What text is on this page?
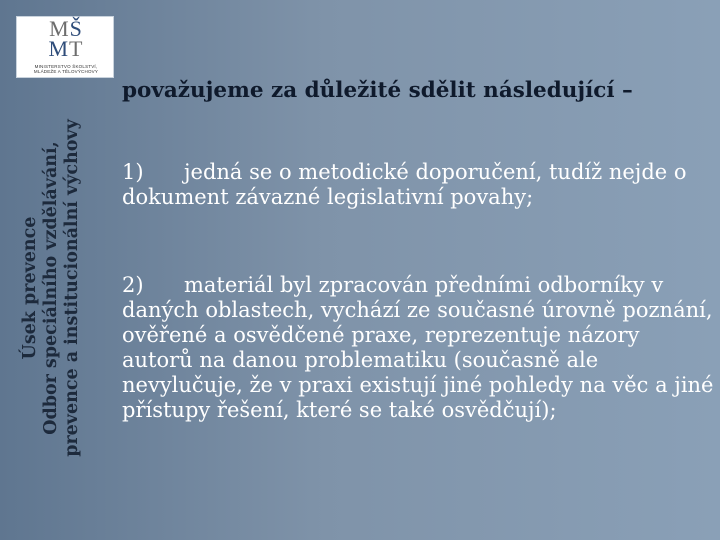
MŠ
MT
MINISTERSTVO ŠKOLSTVÍ,
MLÁDEŽE A TĚLOVÝCHOVY
Úsek prevence Odbor speciálního vzdělávání, prevence a institucionální výchovy
považujeme za důležité sdělit následující –
1) jedná se o metodické doporučení, tudíž nejde o dokument závazné legislativní povahy;
2) materiál byl zpracován předními odborníky v daných oblastech, vychází ze současné úrovně poznání, ověřené a osvědčené praxe, reprezentuje názory autorů na danou problematiku (současně ale nevylučuje, že v praxi existují jiné pohledy na věc a jiné přístupy řešení, které se také osvědčují);
